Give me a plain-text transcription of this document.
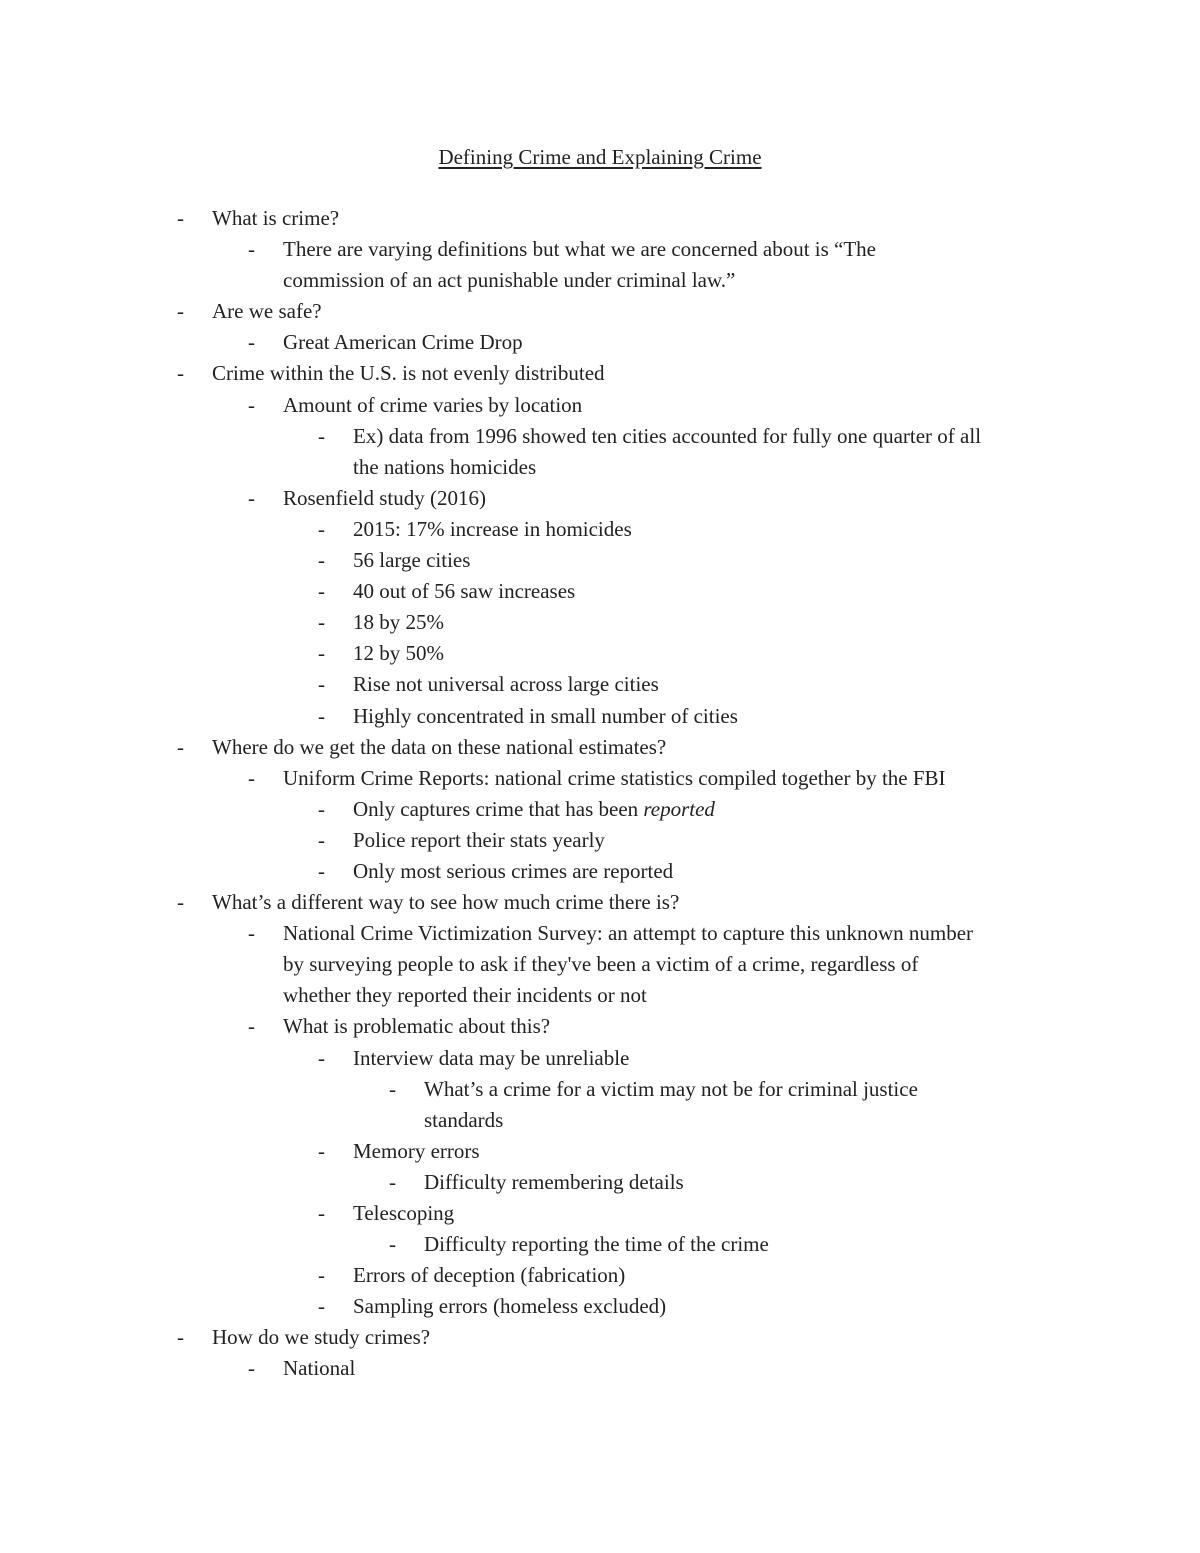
Defining Crime and Explaining Crime
- What is crime?
- There are varying definitions but what we are concerned about is “The
commission of an act punishable under criminal law.”
- Are we safe?
- Great American Crime Drop
- Crime within the U.S. is not evenly distributed
- Amount of crime varies by location
- Ex) data from 1996 showed ten cities accounted for fully one quarter of all
the nations homicides
- Rosenfield study (2016)
- 2015: 17% increase in homicides
- 56 large cities
- 40 out of 56 saw increases
- 18 by 25%
- 12 by 50%
- Rise not universal across large cities
- Highly concentrated in small number of cities
- Where do we get the data on these national estimates?
- Uniform Crime Reports: national crime statistics compiled together by the FBI
- Only captures crime that has been reported
- Police report their stats yearly
- Only most serious crimes are reported
- What’s a different way to see how much crime there is?
- National Crime Victimization Survey: an attempt to capture this unknown number
by surveying people to ask if they've been a victim of a crime, regardless of
whether they reported their incidents or not
- What is problematic about this?
- Interview data may be unreliable
- What’s a crime for a victim may not be for criminal justice
standards
- Memory errors
- Difficulty remembering details
- Telescoping
- Difficulty reporting the time of the crime
- Errors of deception (fabrication)
- Sampling errors (homeless excluded)
- How do we study crimes?
- National
